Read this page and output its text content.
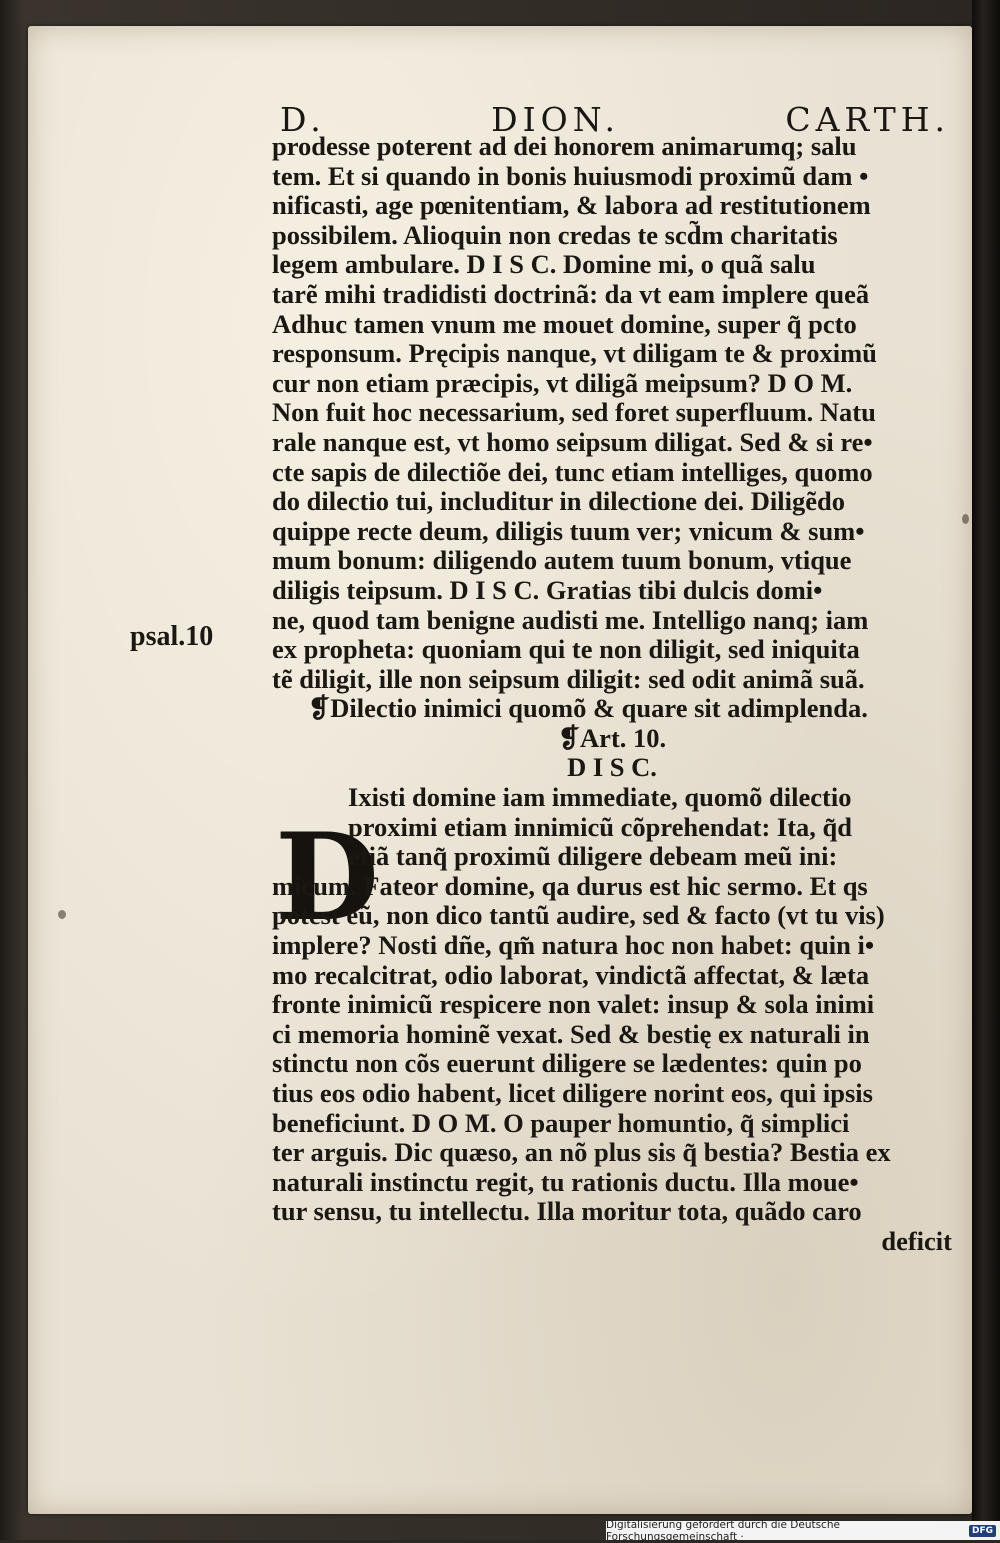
D.	DION.	CARTH.
psal.10
D
prodesse poterent ad dei honorem animarumq; salu
tem. Et si quando in bonis huiusmodi proximũ dam •
nificasti, age pœnitentiam, & labora ad restitutionem
possibilem. Alioquin non credas te scd̃m charitatis
legem ambulare. D I S C. Domine mi, o quã salu
tarẽ mihi tradidisti doctrinã: da vt eam implere queã
Adhuc tamen vnum me mouet domine, super q̃ pcto
responsum. Pręcipis nanque, vt diligam te & proximũ
cur non etiam præcipis, vt diligã meipsum? D O M.
Non fuit hoc necessarium, sed foret superfluum. Natu
rale nanque est, vt homo seipsum diligat. Sed & si re•
cte sapis de dilectiõe dei, tunc etiam intelliges, quomo
do dilectio tui, includitur in dilectione dei. Diligẽdo
quippe recte deum, diligis tuum ver; vnicum & sum•
mum bonum: diligendo autem tuum bonum, vtique
diligis teipsum. D I S C. Gratias tibi dulcis domi•
ne, quod tam benigne audisti me. Intelligo nanq; iam
ex propheta: quoniam qui te non diligit, sed iniquita
tẽ diligit, ille non seipsum diligit: sed odit animã suã.
❡Dilectio inimici quomõ & quare sit adimplenda.
❡Art. 10.
D I S C.
Ixisti domine iam immediate, quomõ dilectio
proximi etiam innimicũ cõprehendat: Ita, q̃d
etiã tanq̃ proximũ diligere debeam meũ ini:
micum. Fateor domine, qa durus est hic sermo. Et qs
potest eũ, non dico tantũ audire, sed & facto (vt tu vis)
implere? Nosti dñe, qm̃ natura hoc non habet: quin i•
mo recalcitrat, odio laborat, vindictã affectat, & læta
fronte inimicũ respicere non valet: insup & sola inimi
ci memoria hominẽ vexat. Sed & bestię ex naturali in
stinctu non cõs euerunt diligere se lædentes: quin po
tius eos odio habent, licet diligere norint eos, qui ipsis
beneficiunt. D O M. O pauper homuntio, q̃ simplici
ter arguis. Dic quæso, an nõ plus sis q̃ bestia? Bestia ex
naturali instinctu regit, tu rationis ductu. Illa moue•
tur sensu, tu intellectu. Illa moritur tota, quãdo caro
deficit
Digitalisierung gefördert durch die Deutsche Forschungsgemeinschaft ·	DFG
